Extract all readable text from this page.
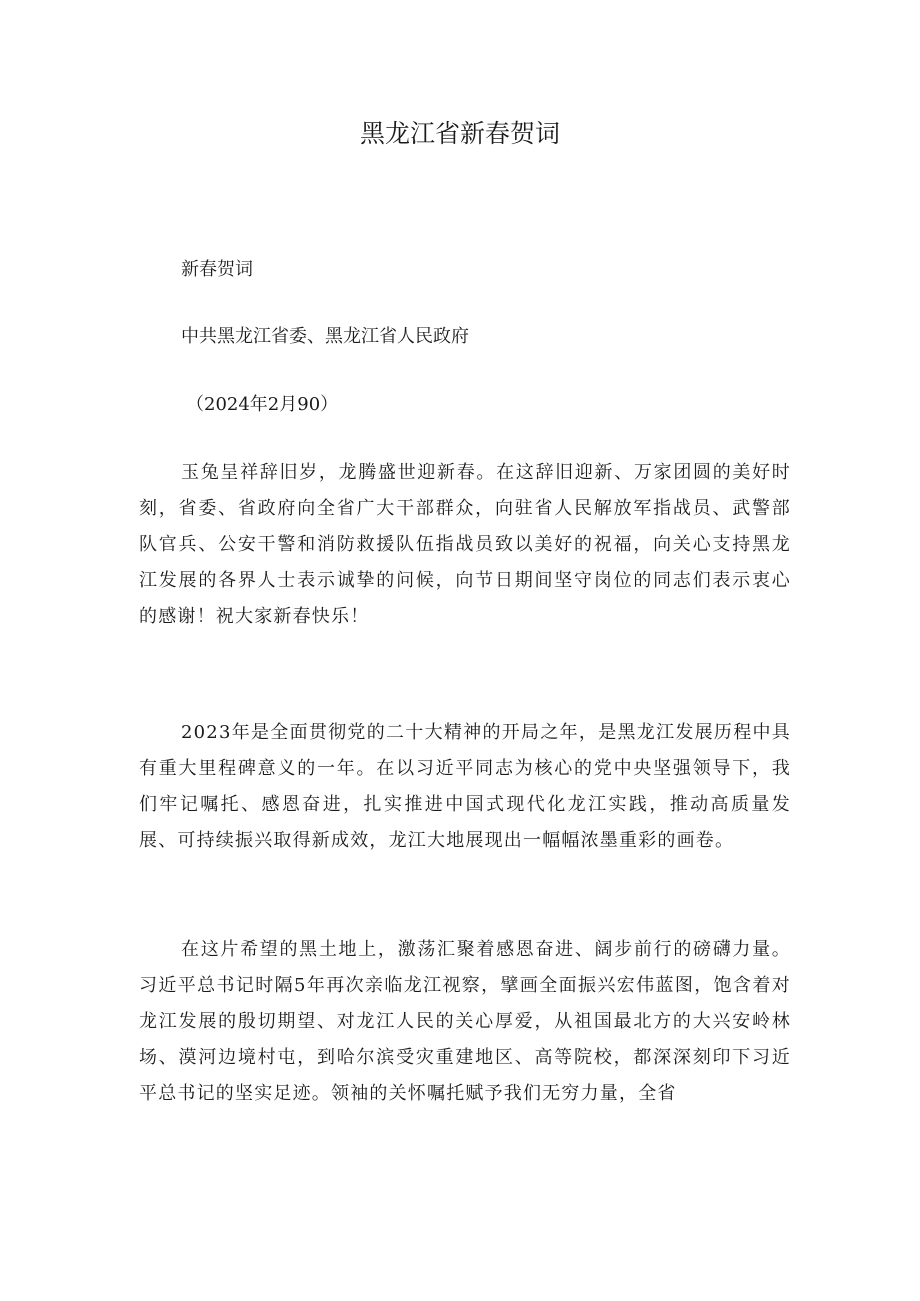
黑龙江省新春贺词

新春贺词

中共黑龙江省委、黑龙江省人民政府

（2024年2月90）

玉兔呈祥辞旧岁，龙腾盛世迎新春。在这辞旧迎新、万家团圆的美好时刻，省委、省政府向全省广大干部群众，向驻省人民解放军指战员、武警部队官兵、公安干警和消防救援队伍指战员致以美好的祝福，向关心支持黑龙江发展的各界人士表示诚挚的问候，向节日期间坚守岗位的同志们表示衷心的感谢！祝大家新春快乐！

2023年是全面贯彻党的二十大精神的开局之年，是黑龙江发展历程中具有重大里程碑意义的一年。在以习近平同志为核心的党中央坚强领导下，我们牢记嘱托、感恩奋进，扎实推进中国式现代化龙江实践，推动高质量发展、可持续振兴取得新成效，龙江大地展现出一幅幅浓墨重彩的画卷。

在这片希望的黑土地上，激荡汇聚着感恩奋进、阔步前行的磅礴力量。习近平总书记时隔5年再次亲临龙江视察，擘画全面振兴宏伟蓝图，饱含着对龙江发展的殷切期望、对龙江人民的关心厚爱，从祖国最北方的大兴安岭林场、漠河边境村屯，到哈尔滨受灾重建地区、高等院校，都深深刻印下习近平总书记的坚实足迹。领袖的关怀嘱托赋予我们无穷力量，全省
